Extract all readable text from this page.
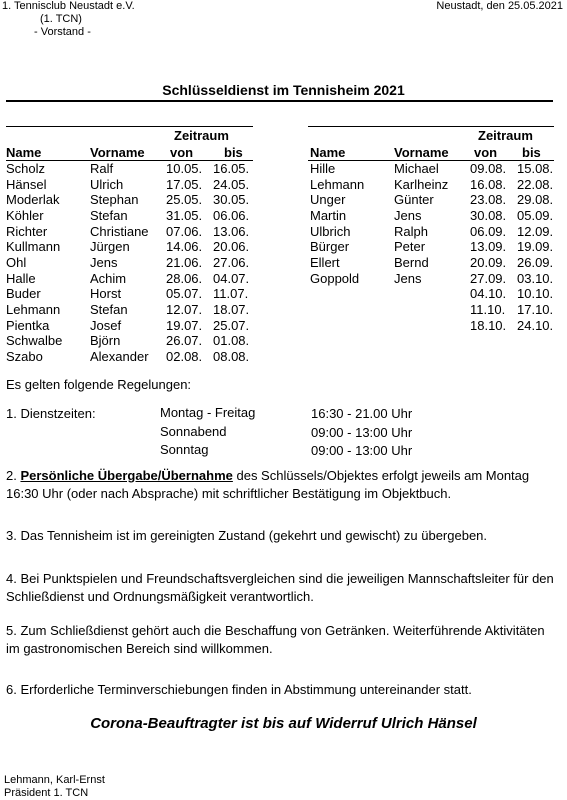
1. Tennisclub Neustadt e.V.
(1. TCN)
- Vorstand -
Neustadt, den 25.05.2021
Schlüsseldienst im Tennisheim 2021
Zeitraum
Name	Vorname von bis
Scholz	Ralf	10.05. 16.05.
Hänsel	Ulrich	17.05. 24.05.
Moderlak Stephan 25.05. 30.05.
Köhler	Stefan	31.05. 06.06.
Richter	Christiane 07.06. 13.06.
Kullmann Jürgen	14.06. 20.06.
Ohl	Jens	21.06. 27.06.
Halle	Achim	28.06. 04.07.
Buder	Horst	05.07. 11.07.
Lehmann Stefan	12.07. 18.07.
Pientka	Josef	19.07. 25.07.
Schwalbe Björn	26.07. 01.08.
Szabo	Alexander 02.08. 08.08.
Zeitraum
Name	Vorname von bis
Hille	Michael 09.08. 15.08.
Lehmann Karlheinz 16.08. 22.08.
Unger	Günter	23.08. 29.08.
Martin	Jens	30.08. 05.09.
Ulbrich	Ralph	06.09. 12.09.
Bürger	Peter	13.09. 19.09.
Ellert	Bernd	20.09. 26.09.
Goppold	Jens	27.09. 03.10.
04.10. 10.10.
11.10. 17.10.
18.10. 24.10.
Es gelten folgende Regelungen:
1. Dienstzeiten:	Montag - Freitag	16:30 - 21.00 Uhr
Sonnabend	09:00 - 13:00 Uhr
Sonntag	09:00 - 13:00 Uhr
2. Persönliche Übergabe/Übernahme des Schlüssels/Objektes erfolgt jeweils am Montag 16:30 Uhr (oder nach Absprache) mit schriftlicher Bestätigung im Objektbuch.
3. Das Tennisheim ist im gereinigten Zustand (gekehrt und gewischt) zu übergeben.
4. Bei Punktspielen und Freundschaftsvergleichen sind die jeweiligen Mannschaftsleiter für den Schließdienst und Ordnungsmäßigkeit verantwortlich.
5. Zum Schließdienst gehört auch die Beschaffung von Getränken. Weiterführende Aktivitäten im gastronomischen Bereich sind willkommen.
6. Erforderliche Terminverschiebungen finden in Abstimmung untereinander statt.
Corona-Beauftragter ist bis auf Widerruf Ulrich Hänsel
Lehmann, Karl-Ernst
Präsident 1. TCN
